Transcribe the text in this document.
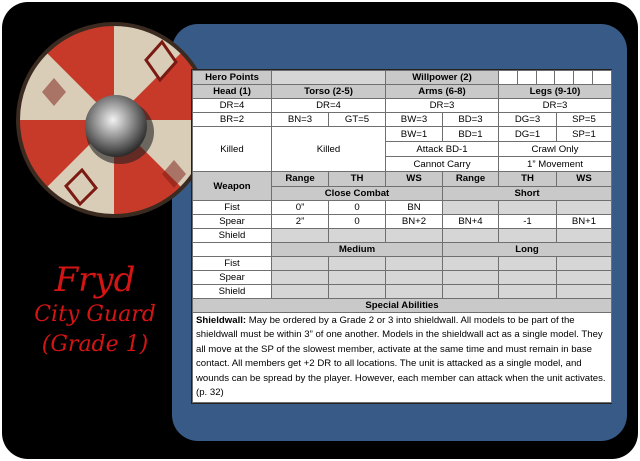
Fryd
City Guard
(Grade 1)
Hero Points			Willpower (2)			

Head (1)	Torso (2-5)		Arms (6-8)		Legs (9-10)	
DR=4	DR=4		DR=3		DR=3	
BR=2	BN=3	GT=5	BW=3	BD=3	DG=3	SP=5
Killed	Killed		BW=1	BD=1	DG=1	SP=1
			Attack BD-1		Crawl Only	
			Cannot Carry		1” Movement	
Weapon	Range	TH	WS	Range	TH	WS
	Close Combat			Short		
Fist	0”	0	BN			
Spear	2”	0	BN+2	BN+4	-1	BN+1
Shield						
	Medium			Long		
Fist						
Spear						
Shield						
Special Abilities						
Shieldwall: May be ordered by a Grade 2 or 3 into shieldwall. All models to be part of the shieldwall must be within 3” of one another. Models in the shieldwall act as a single model. They all move at the SP of the slowest member, activate at the same time and must remain in base contact. All members get +2 DR to all locations. The unit is attacked as a single model, and wounds can be spread by the player. However, each member can attack when the unit activates. (p. 32)						
